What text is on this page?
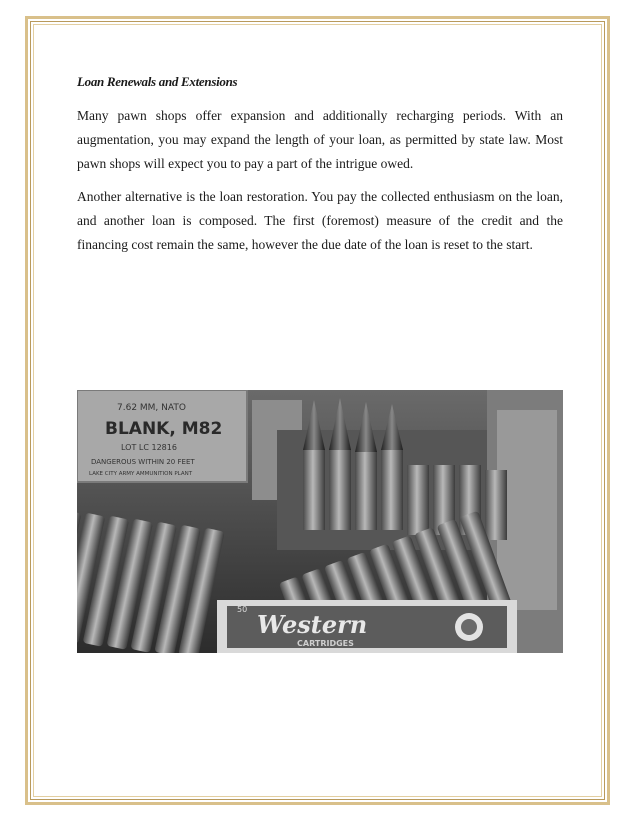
Loan Renewals and Extensions

Many pawn shops offer expansion and additionally recharging periods. With an augmentation, you may expand the length of your loan, as permitted by state law. Most pawn shops will expect you to pay a part of the intrigue owed.

Another alternative is the loan restoration. You pay the collected enthusiasm on the loan, and another loan is composed. The first (foremost) measure of the credit and the financing cost remain the same, however the due date of the loan is reset to the start.

7.62 MM, NATO
BLANK, M82
LOT LC 12816
DANGEROUS WITHIN 20 FEET
LAKE CITY ARMY AMMUNITION PLANT
50
Western
CARTRIDGES
